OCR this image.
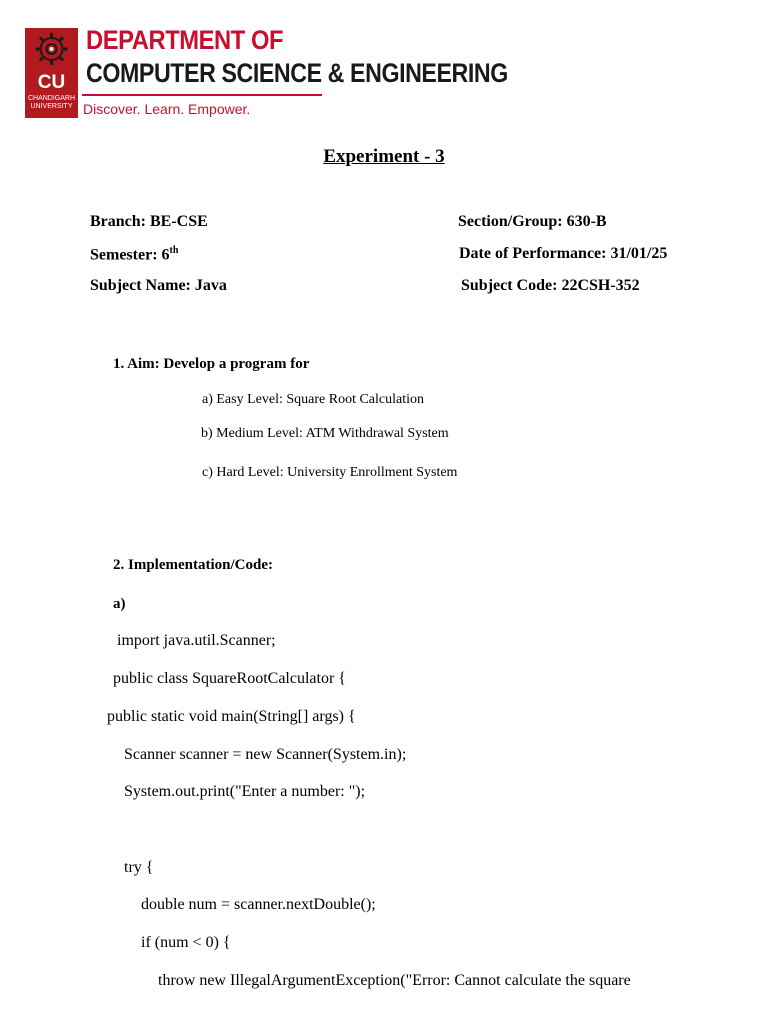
CU
CHANDIGARH UNIVERSITY
DEPARTMENT OF
COMPUTER SCIENCE & ENGINEERING
Discover. Learn. Empower.
Experiment - 3
Branch: BE-CSE	Section/Group: 630-B
Semester: 6th	Date of Performance: 31/01/25
Subject Name: Java	Subject Code: 22CSH-352
1. Aim: Develop a program for
a) Easy Level: Square Root Calculation
b) Medium Level: ATM Withdrawal System
c) Hard Level: University Enrollment System
2. Implementation/Code:
a)
import java.util.Scanner;
public class SquareRootCalculator {
public static void main(String[] args) {
Scanner scanner = new Scanner(System.in);
System.out.print("Enter a number: ");
try {
double num = scanner.nextDouble();
if (num < 0) {
throw new IllegalArgumentException("Error: Cannot calculate the square
